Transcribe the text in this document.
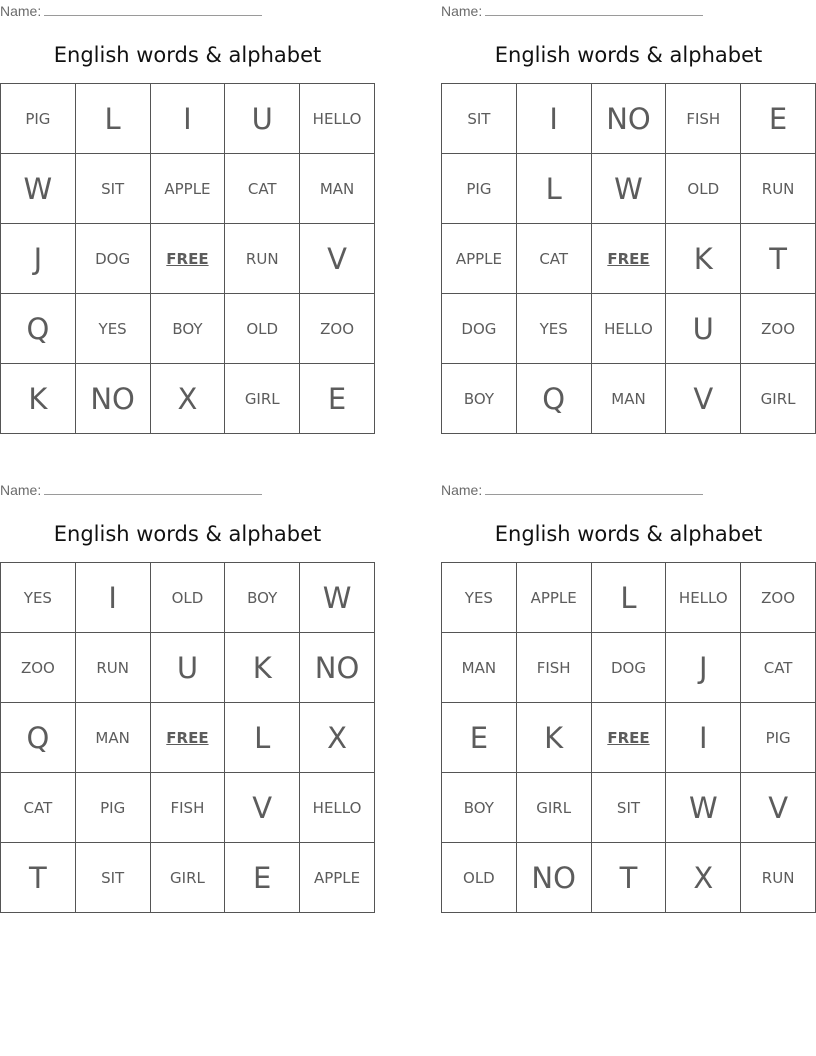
Name:
English words & alphabet
PIG	L	I	U	HELLO
W	SIT	APPLE	CAT	MAN
J	DOG	FREE	RUN	V
Q	YES	BOY	OLD	ZOO
K	NO	X	GIRL	E
Name:
English words & alphabet
SIT	I	NO	FISH	E
PIG	L	W	OLD	RUN
APPLE	CAT	FREE	K	T
DOG	YES	HELLO	U	ZOO
BOY	Q	MAN	V	GIRL
Name:
English words & alphabet
YES	I	OLD	BOY	W
ZOO	RUN	U	K	NO
Q	MAN	FREE	L	X
CAT	PIG	FISH	V	HELLO
T	SIT	GIRL	E	APPLE
Name:
English words & alphabet
YES	APPLE	L	HELLO	ZOO
MAN	FISH	DOG	J	CAT
E	K	FREE	I	PIG
BOY	GIRL	SIT	W	V
OLD	NO	T	X	RUN
